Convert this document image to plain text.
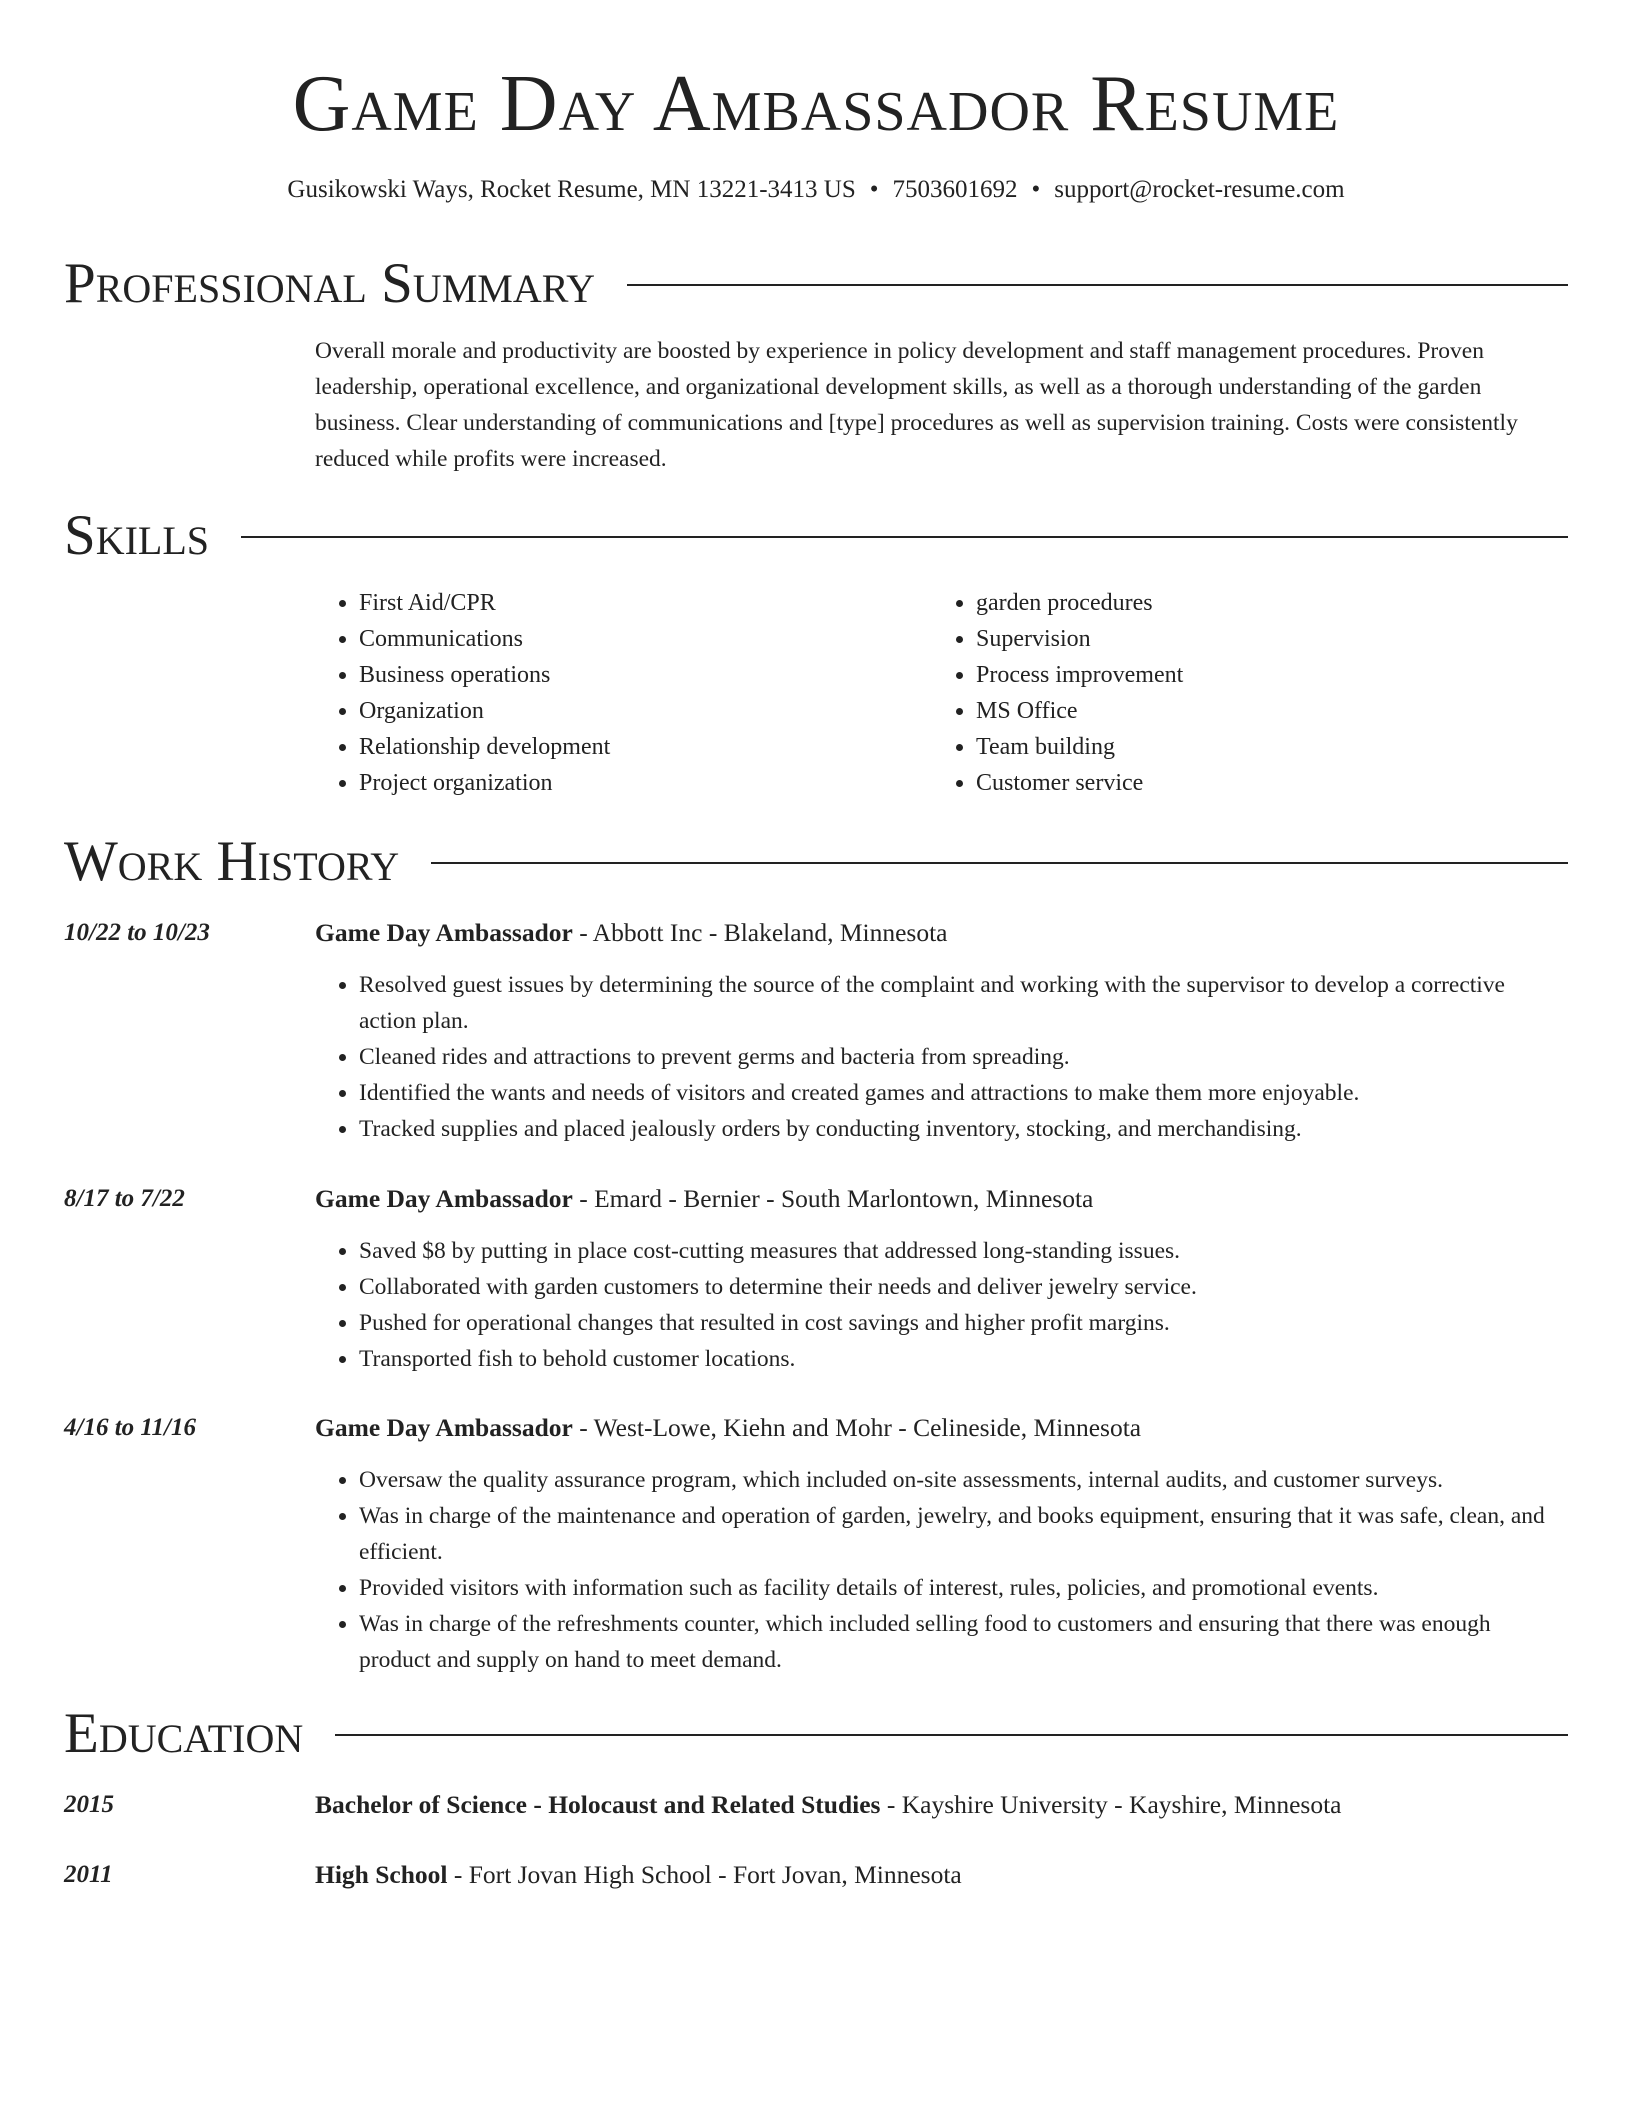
Game Day Ambassador Resume
Gusikowski Ways, Rocket Resume, MN 13221-3413 US • 7503601692 • support@rocket-resume.com
Professional Summary
Overall morale and productivity are boosted by experience in policy development and staff management procedures. Proven leadership, operational excellence, and organizational development skills, as well as a thorough understanding of the garden business. Clear understanding of communications and [type] procedures as well as supervision training. Costs were consistently reduced while profits were increased.
Skills
• First Aid/CPR
• Communications
• Business operations
• Organization
• Relationship development
• Project organization
• garden procedures
• Supervision
• Process improvement
• MS Office
• Team building
• Customer service
Work History
10/22 to 10/23	Game Day Ambassador - Abbott Inc - Blakeland, Minnesota
• Resolved guest issues by determining the source of the complaint and working with the supervisor to develop a corrective action plan.
• Cleaned rides and attractions to prevent germs and bacteria from spreading.
• Identified the wants and needs of visitors and created games and attractions to make them more enjoyable.
• Tracked supplies and placed jealously orders by conducting inventory, stocking, and merchandising.
8/17 to 7/22	Game Day Ambassador - Emard - Bernier - South Marlontown, Minnesota
• Saved $8 by putting in place cost-cutting measures that addressed long-standing issues.
• Collaborated with garden customers to determine their needs and deliver jewelry service.
• Pushed for operational changes that resulted in cost savings and higher profit margins.
• Transported fish to behold customer locations.
4/16 to 11/16	Game Day Ambassador - West-Lowe, Kiehn and Mohr - Celineside, Minnesota
• Oversaw the quality assurance program, which included on-site assessments, internal audits, and customer surveys.
• Was in charge of the maintenance and operation of garden, jewelry, and books equipment, ensuring that it was safe, clean, and efficient.
• Provided visitors with information such as facility details of interest, rules, policies, and promotional events.
• Was in charge of the refreshments counter, which included selling food to customers and ensuring that there was enough product and supply on hand to meet demand.
Education
2015	Bachelor of Science - Holocaust and Related Studies - Kayshire University - Kayshire, Minnesota
2011	High School - Fort Jovan High School - Fort Jovan, Minnesota
